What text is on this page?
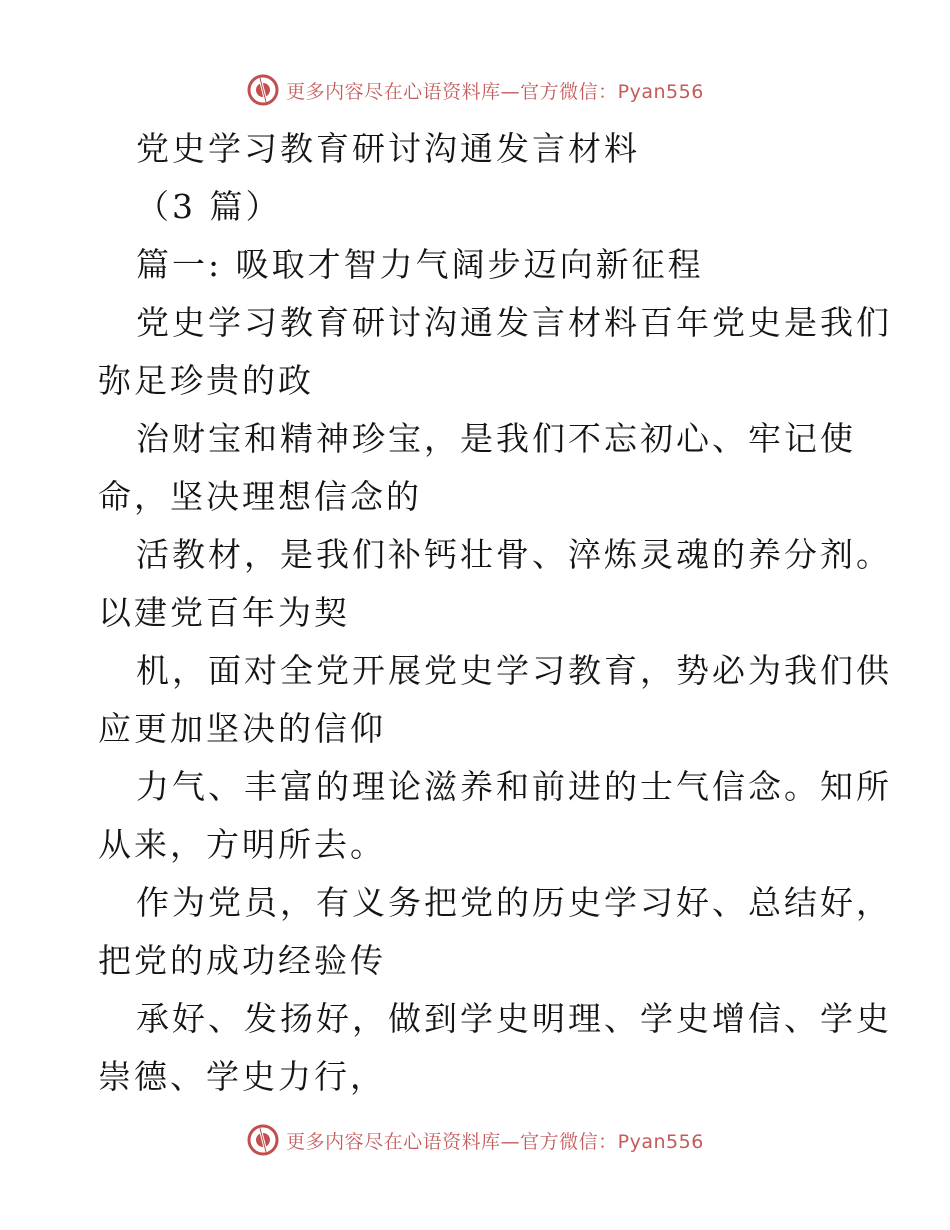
更多内容尽在心语资料库—官方微信：Pyan556
党史学习教育研讨沟通发言材料
（3 篇）
篇一: 吸取才智力气阔步迈向新征程
党史学习教育研讨沟通发言材料百年党史是我们
弥足珍贵的政
治财宝和精神珍宝，是我们不忘初心、牢记使
命，坚决理想信念的
活教材，是我们补钙壮骨、淬炼灵魂的养分剂。
以建党百年为契
机，面对全党开展党史学习教育，势必为我们供
应更加坚决的信仰
力气、丰富的理论滋养和前进的士气信念。知所
从来，方明所去。
作为党员，有义务把党的历史学习好、总结好，
把党的成功经验传
承好、发扬好，做到学史明理、学史增信、学史
崇德、学史力行，
更多内容尽在心语资料库—官方微信：Pyan556
